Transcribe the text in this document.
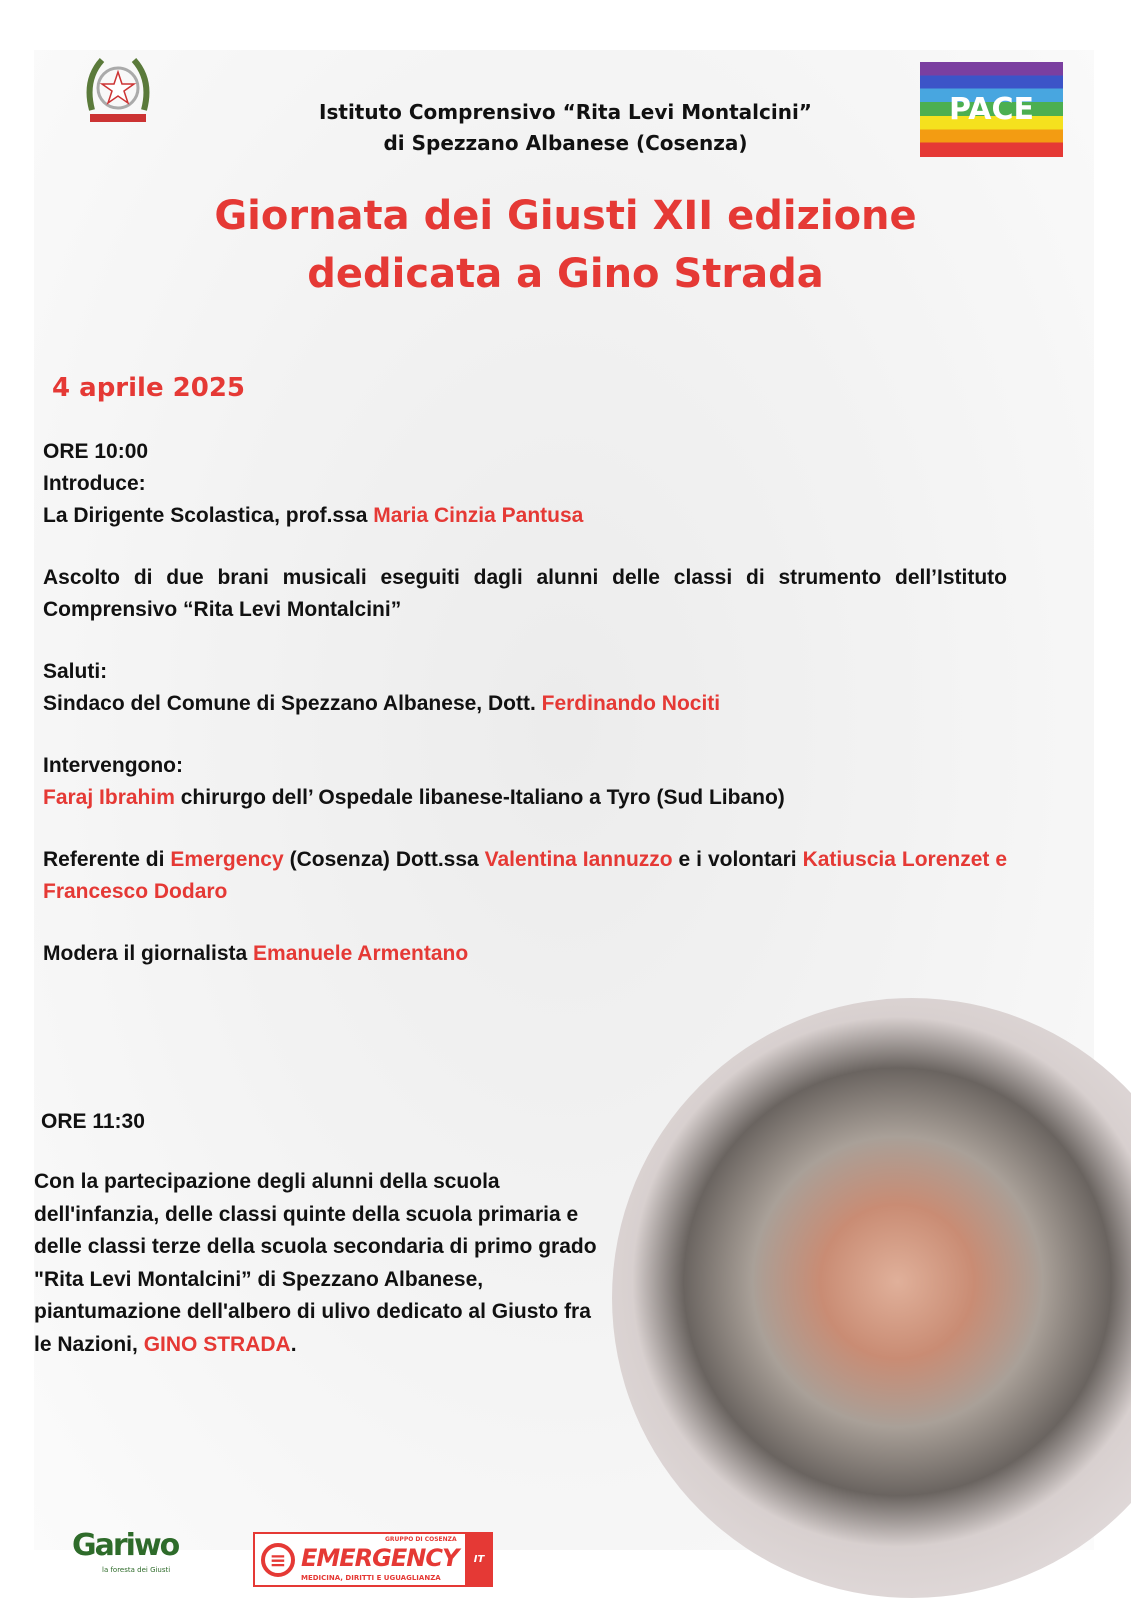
Istituto Comprensivo “Rita Levi Montalcini”
di Spezzano Albanese (Cosenza)
PACE
Giornata dei Giusti XII edizione
dedicata a Gino Strada
4 aprile 2025
ORE 10:00
Introduce:
La Dirigente Scolastica, prof.ssa Maria Cinzia Pantusa
Ascolto di due brani musicali eseguiti dagli alunni delle classi di strumento dell’Istituto Comprensivo “Rita Levi Montalcini”
Saluti:
Sindaco del Comune di Spezzano Albanese, Dott. Ferdinando Nociti
Intervengono:
Faraj Ibrahim chirurgo dell’ Ospedale libanese-Italiano a Tyro (Sud Libano)
Referente di Emergency (Cosenza) Dott.ssa Valentina Iannuzzo e i volontari Katiuscia Lorenzet e Francesco Dodaro
Modera il giornalista Emanuele Armentano
ORE 11:30
Con la partecipazione degli alunni della scuola dell'infanzia, delle classi quinte della scuola primaria e delle classi terze della scuola secondaria di primo grado "Rita Levi Montalcini” di Spezzano Albanese, piantumazione dell'albero di ulivo dedicato al Giusto fra le Nazioni, GINO STRADA.
Gariwo
la foresta dei Giusti	≡
GRUPPO DI COSENZA
EMERGENCY
MEDICINA, DIRITTI E UGUAGLIANZA
IT
